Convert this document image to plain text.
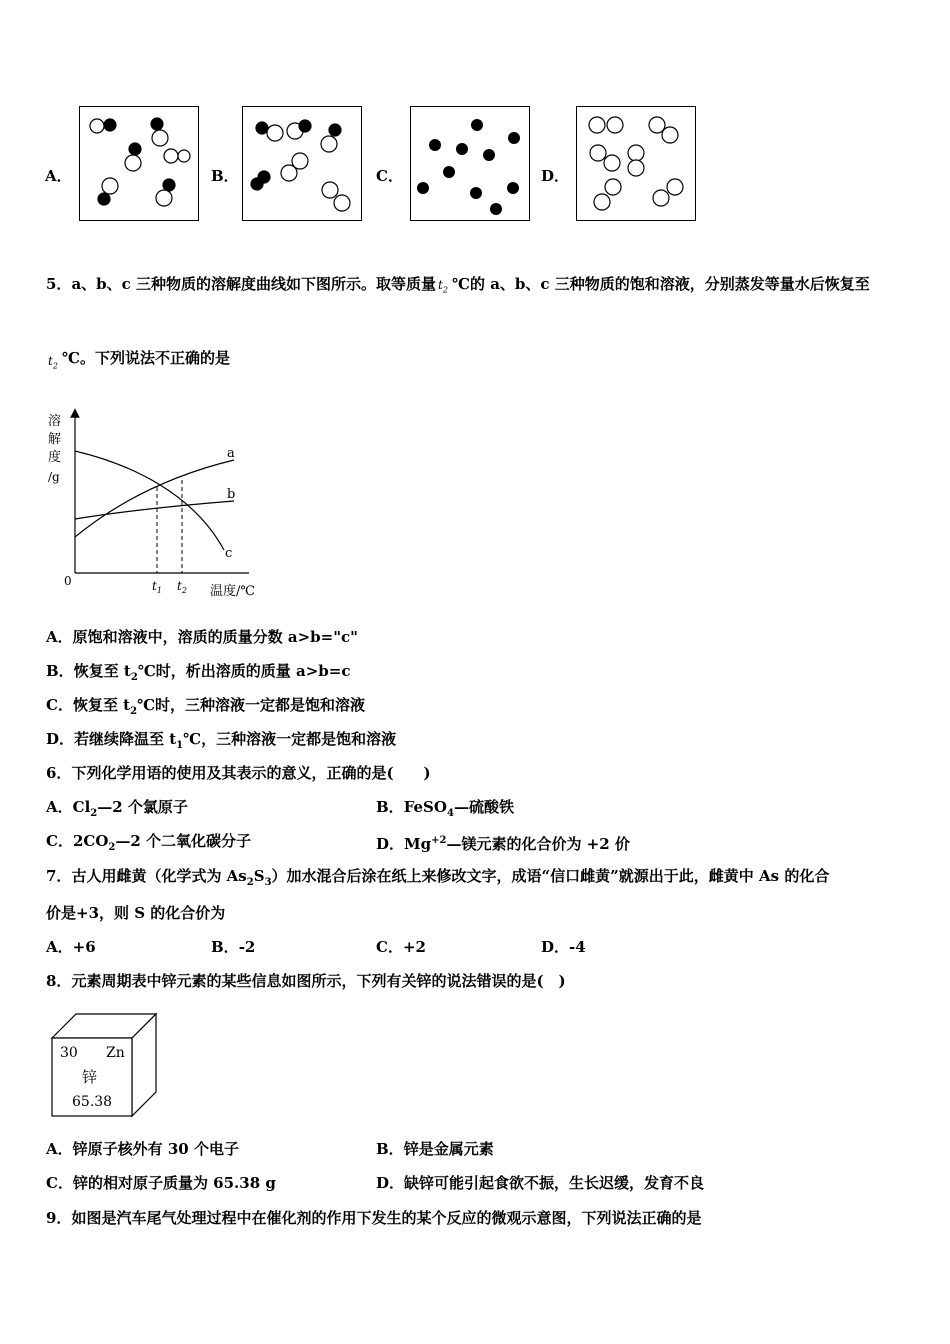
A．	B．	C．	D．
5．a、b、c 三种物质的溶解度曲线如下图所示。取等质量 $t_2$ ℃的 a、b、c 三种物质的饱和溶液，分别蒸发等量水后恢复至
$t_2$ ℃。下列说法不正确的是
溶
解
度
/g
0	$t_1$ $t_2$ 温度/℃
a
b
c
A．原饱和溶液中，溶质的质量分数 a>b="c"
B．恢复至 $t_2℃$时，析出溶质的质量 a>b=c
C．恢复至 $t_2℃$时，三种溶液一定都是饱和溶液
D．若继续降温至 $t_1℃$，三种溶液一定都是饱和溶液
6．下列化学用语的使用及其表示的意义，正确的是(　　)
A．$Cl_2—2$ 个氯原子	B．FeSO$_4$—硫酸铁
C．$2CO_2—2$ 个二氧化碳分子	D．$Mg^{+2}—$镁元素的化合价为 +2 价
7．古人用雌黄（化学式为 $As_2S_3$）加水混合后涂在纸上来修改文字，成语“信口雌黄”就源出于此，雌黄中 As 的化合
价是+3，则 S 的化合价为
A．+6	B．-2	C．+2	D．-4
8．元素周期表中锌元素的某些信息如图所示，下列有关锌的说法错误的是(　)
30 Zn
锌
65.38
A．锌原子核外有 30 个电子	B．锌是金属元素
C．锌的相对原子质量为 65.38 g	D．缺锌可能引起食欲不振，生长迟缓，发育不良
9．如图是汽车尾气处理过程中在催化剂的作用下发生的某个反应的微观示意图，下列说法正确的是
